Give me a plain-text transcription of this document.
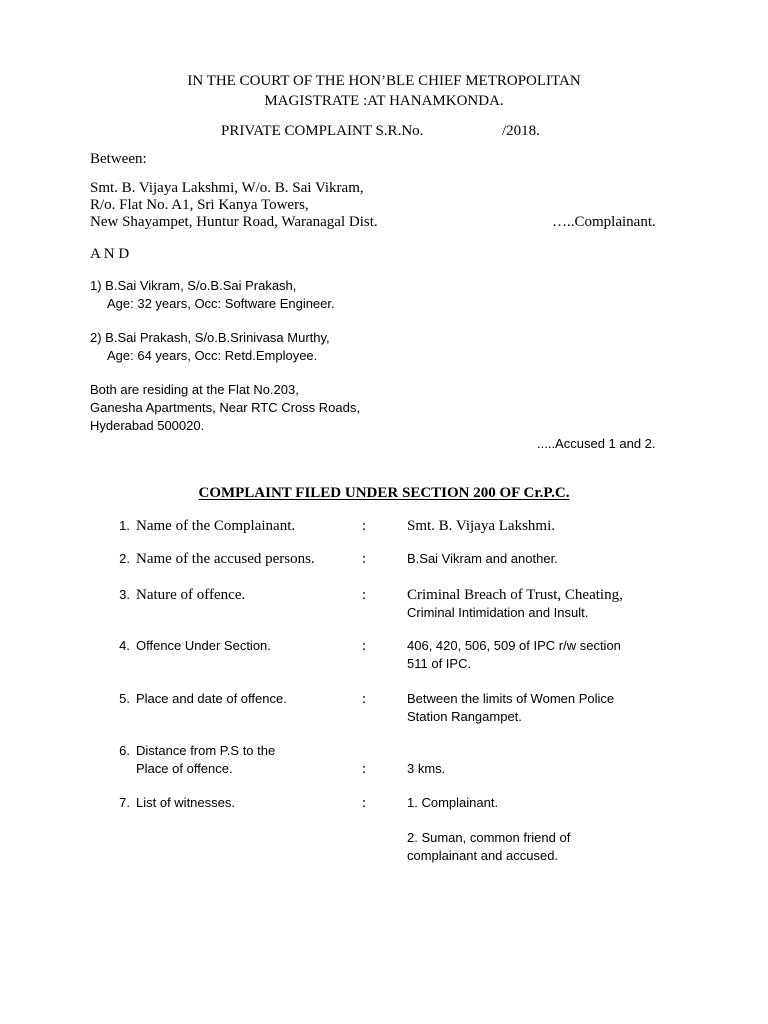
IN THE COURT OF THE HON’BLE CHIEF METROPOLITAN
MAGISTRATE :AT HANAMKONDA.
PRIVATE COMPLAINT S.R.No.	/2018.
Between:
Smt. B. Vijaya Lakshmi, W/o. B. Sai Vikram,
R/o. Flat No. A1, Sri Kanya Towers,
New Shayampet, Huntur Road, Waranagal Dist.	…..Complainant.
A N D
1) B.Sai Vikram, S/o.B.Sai Prakash,
Age: 32 years, Occ: Software Engineer.
2) B.Sai Prakash, S/o.B.Srinivasa Murthy,
Age: 64 years, Occ: Retd.Employee.
Both are residing at the Flat No.203,
Ganesha Apartments, Near RTC Cross Roads,
Hyderabad 500020.
.....Accused 1 and 2.
COMPLAINT FILED UNDER SECTION 200 OF Cr.P.C.
1. Name of the Complainant.	:	Smt. B. Vijaya Lakshmi.
2. Name of the accused persons.	:	B.Sai Vikram and another.
3. Nature of offence.	:	Criminal Breach of Trust, Cheating,
Criminal Intimidation and Insult.
4. Offence Under Section.	:	406, 420, 506, 509 of IPC r/w section
511 of IPC.
5. Place and date of offence.	:	Between the limits of Women Police
Station Rangampet.
6. Distance from P.S to the
Place of offence.	:	3 kms.
7. List of witnesses.	:	1. Complainant.
2. Suman, common friend of
complainant and accused.
